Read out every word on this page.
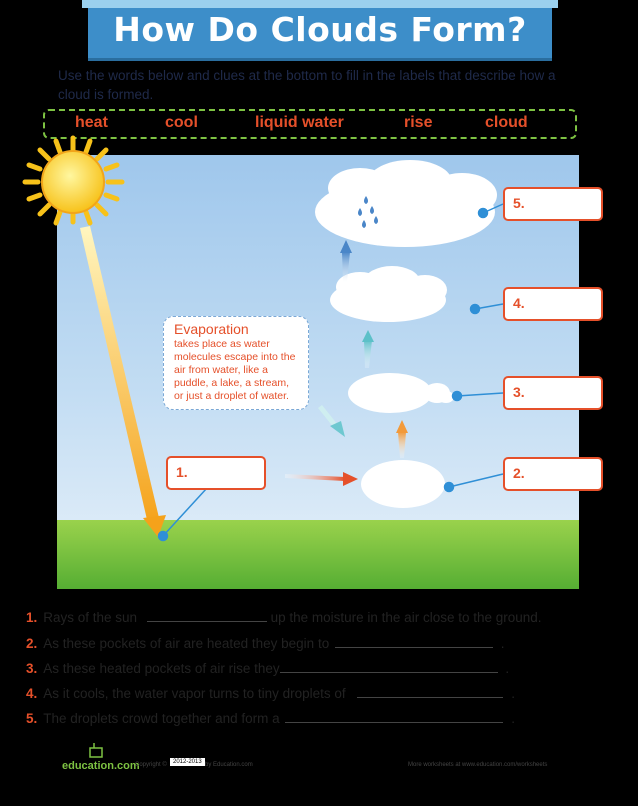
How Do Clouds Form?
Use the words below and clues at the bottom to fill in the labels that describe how a cloud is formed.
heat	cool	liquid water	rise	cloud
Evaporation
takes place as water molecules escape into the air from water, like a puddle, a lake, a stream, or just a droplet of water.
5.
4.
3.
2.
1.
1. Rays of the sun	up the moisture in the air close to the ground.
2. As these pockets of air are heated they begin to	.
3. As these heated pockets of air rise they	.
4. As it cools, the water vapor turns to tiny droplets of	.
5. The droplets crowd together and form a	.
education.com
Copyright ©	2012-2013 by Education.com	More worksheets at www.education.com/worksheets
